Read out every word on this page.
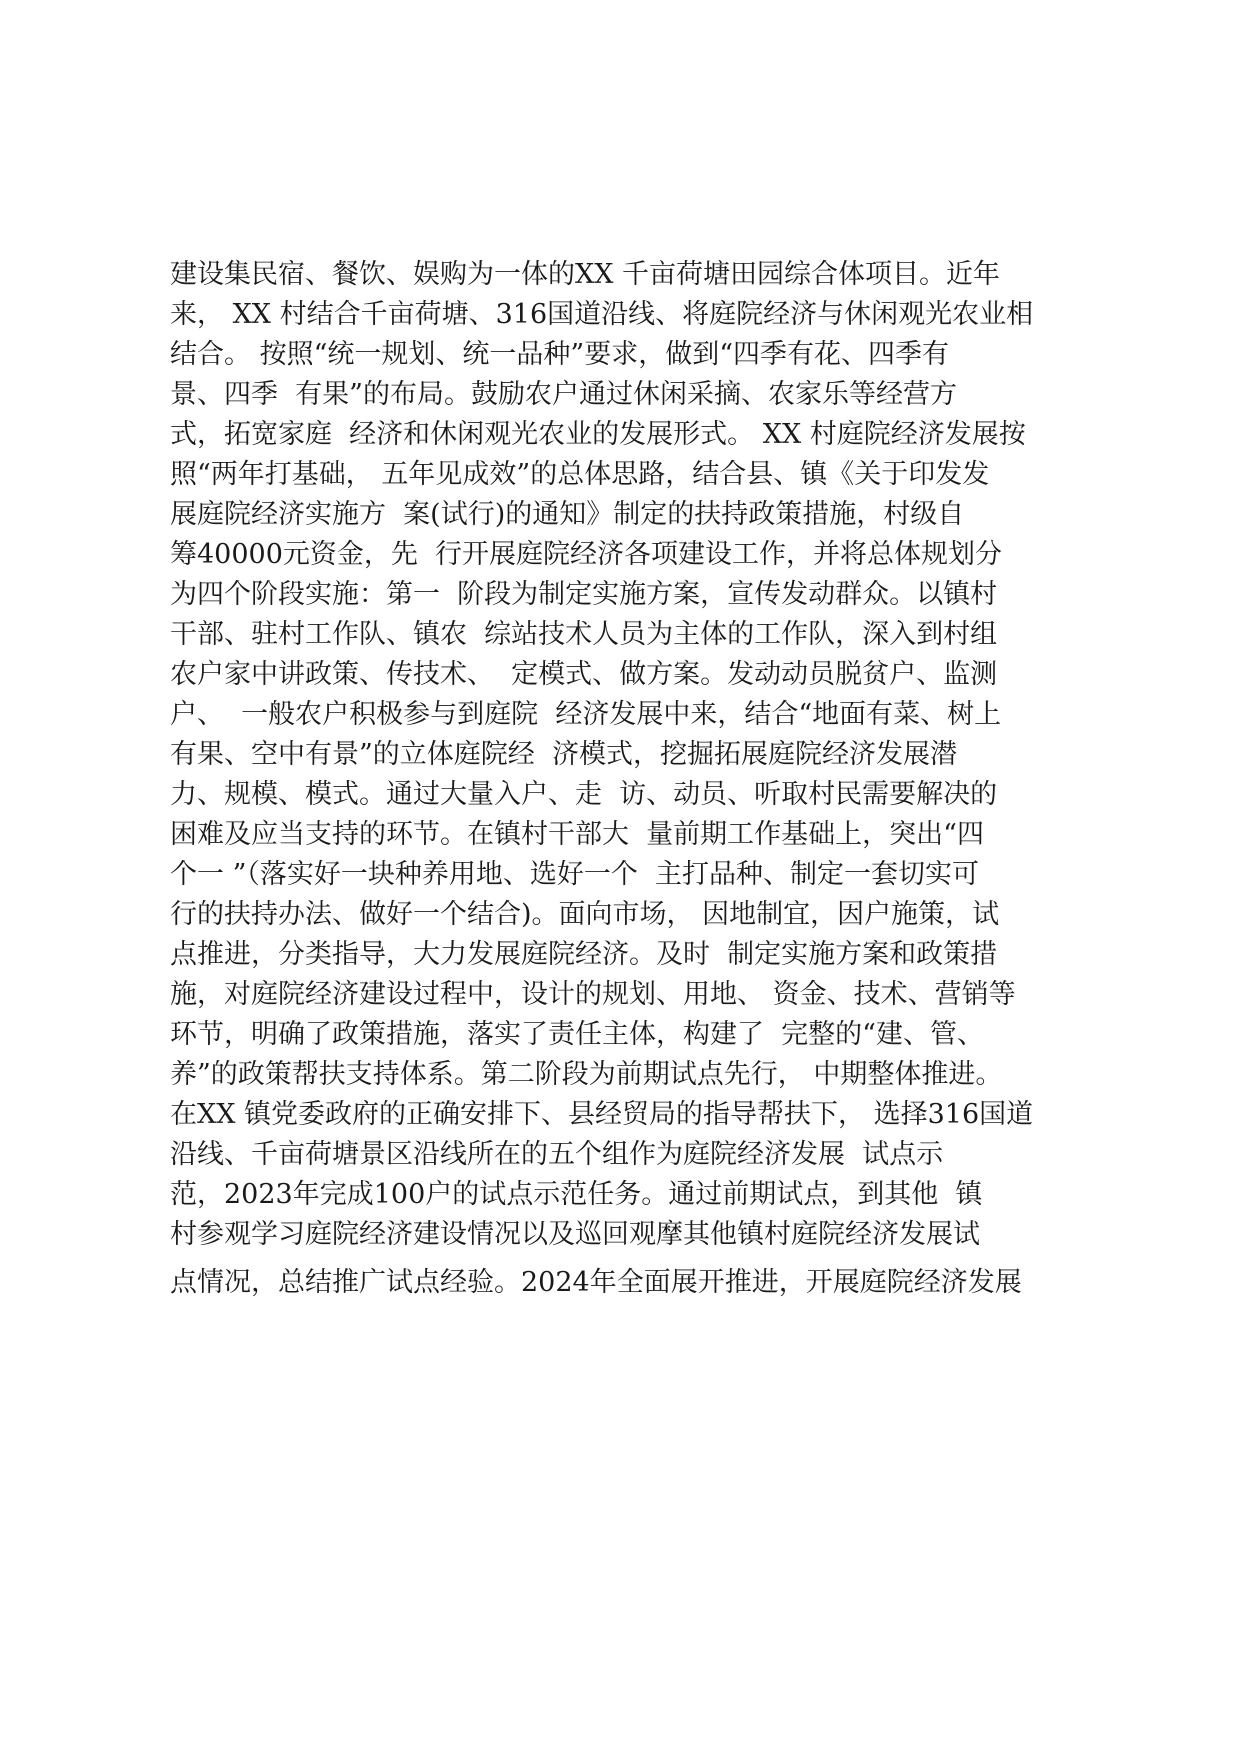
建设集民宿、餐饮、娱购为一体的XX 千亩荷塘田园综合体项目。近年
来， XX 村结合千亩荷塘、316国道沿线、将庭院经济与休闲观光农业相
结合。 按照“统一规划、统一品种”要求，做到“四季有花、四季有
景、四季  有果”的布局。鼓励农户通过休闲采摘、农家乐等经营方
式，拓宽家庭  经济和休闲观光农业的发展形式。 XX 村庭院经济发展按
照“两年打基础， 五年见成效”的总体思路，结合县、镇《关于印发发
展庭院经济实施方  案(试行)的通知》制定的扶持政策措施，村级自
筹40000元资金，先  行开展庭院经济各项建设工作，并将总体规划分
为四个阶段实施：第一  阶段为制定实施方案，宣传发动群众。以镇村
干部、驻村工作队、镇农  综站技术人员为主体的工作队，深入到村组
农户家中讲政策、传技术、  定模式、做方案。发动动员脱贫户、监测
户、  一般农户积极参与到庭院  经济发展中来，结合“地面有菜、树上
有果、空中有景”的立体庭院经  济模式，挖掘拓展庭院经济发展潜
力、规模、模式。通过大量入户、走  访、动员、听取村民需要解决的
困难及应当支持的环节。在镇村干部大  量前期工作基础上，突出“四
个一 ”（落实好一块种养用地、选好一个  主打品种、制定一套切实可
行的扶持办法、做好一个结合)。面向市场， 因地制宜，因户施策，试
点推进，分类指导，大力发展庭院经济。及时  制定实施方案和政策措
施，对庭院经济建设过程中，设计的规划、用地、 资金、技术、营销等
环节，明确了政策措施，落实了责任主体，构建了  完整的“建、管、
养”的政策帮扶支持体系。第二阶段为前期试点先行， 中期整体推进。
在XX 镇党委政府的正确安排下、县经贸局的指导帮扶下， 选择316国道
沿线、千亩荷塘景区沿线所在的五个组作为庭院经济发展  试点示
范，2023年完成100户的试点示范任务。通过前期试点，到其他  镇
村参观学习庭院经济建设情况以及巡回观摩其他镇村庭院经济发展试
点情况，总结推广试点经验。2024年全面展开推进，开展庭院经济发展
